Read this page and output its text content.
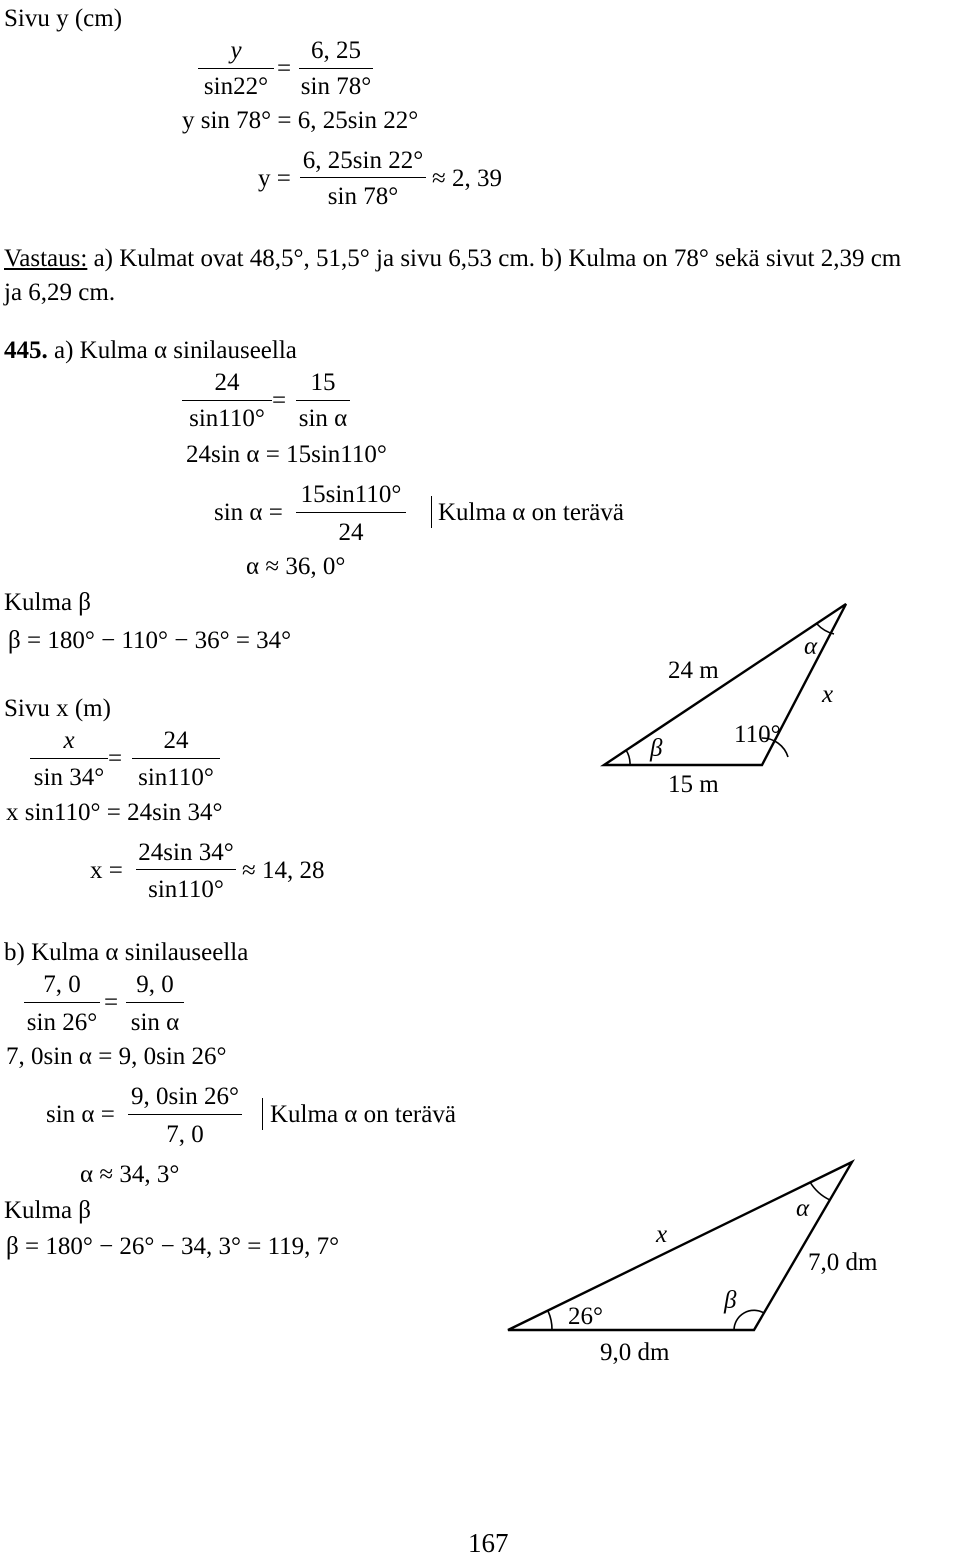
Sivu y (cm)
y
sin22°
=
6, 25
sin 78°
y sin 78° = 6, 25sin 22°
y =
6, 25sin 22°
sin 78°
≈ 2, 39
Vastaus: a) Kulmat ovat 48,5°, 51,5° ja sivu 6,53 cm. b) Kulma on 78° sekä sivut 2,39 cm
ja 6,29 cm.
445. a) Kulma α sinilauseella
24
sin110°
=
15
sin α
24sin α = 15sin110°
sin α =
15sin110°
24
Kulma α on terävä
α ≈ 36, 0°
Kulma β
β = 180° − 110° − 36° = 34°
Sivu x (m)
x
sin 34°
=
24
sin110°
x sin110° = 24sin 34°
x =
24sin 34°
sin110°
≈ 14, 28
24 m
15 m
x
α
β
110°
b) Kulma α sinilauseella
7, 0
sin 26°
=
9, 0
sin α
7, 0sin α = 9, 0sin 26°
sin α =
9, 0sin 26°
7, 0
Kulma α on terävä
α ≈ 34, 3°
Kulma β
β = 180° − 26° − 34, 3° = 119, 7°	x
9,0 dm
7,0 dm
α
26°
β
167
